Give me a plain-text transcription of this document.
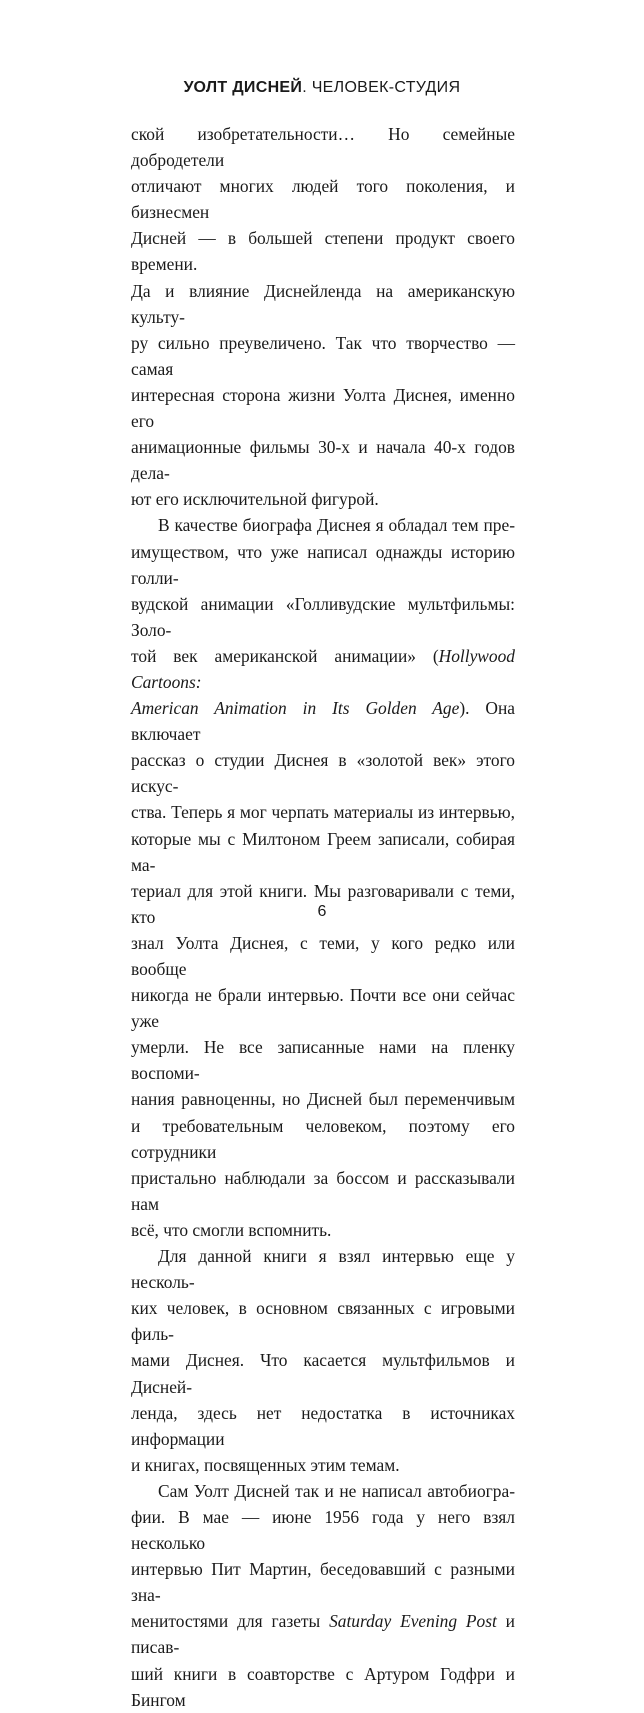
УОЛТ ДИСНЕЙ. ЧЕЛОВЕК-СТУДИЯ

ской изобретательности… Но семейные добродетели
отличают многих людей того поколения, и бизнесмен
Дисней — в большей степени продукт своего времени.
Да и влияние Диснейленда на американскую культу-
ру сильно преувеличено. Так что творчество — самая
интересная сторона жизни Уолта Диснея, именно его
анимационные фильмы 30-х и начала 40-х годов дела-
ют его исключительной фигурой.

В качестве биографа Диснея я обладал тем пре-
имуществом, что уже написал однажды историю голли-
вудской анимации «Голливудские мультфильмы: Золо-
той век американской анимации» (Hollywood Cartoons:
American Animation in Its Golden Age). Она включает
рассказ о студии Диснея в «золотой век» этого искус-
ства. Теперь я мог черпать материалы из интервью,
которые мы с Милтоном Греем записали, собирая ма-
териал для этой книги. Мы разговаривали с теми, кто
знал Уолта Диснея, с теми, у кого редко или вообще
никогда не брали интервью. Почти все они сейчас уже
умерли. Не все записанные нами на пленку воспоми-
нания равноценны, но Дисней был переменчивым
и требовательным человеком, поэтому его сотрудники
пристально наблюдали за боссом и рассказывали нам
всё, что смогли вспомнить.

Для данной книги я взял интервью еще у несколь-
ких человек, в основном связанных с игровыми филь-
мами Диснея. Что касается мультфильмов и Дисней-
ленда, здесь нет недостатка в источниках информации
и книгах, посвященных этим темам.

Сам Уолт Дисней так и не написал автобиогра-
фии. В мае — июне 1956 года у него взял несколько
интервью Пит Мартин, беседовавший с разными зна-
менитостями для газеты Saturday Evening Post и писав-
ший книги в соавторстве с Артуром Годфри и Бингом

6
